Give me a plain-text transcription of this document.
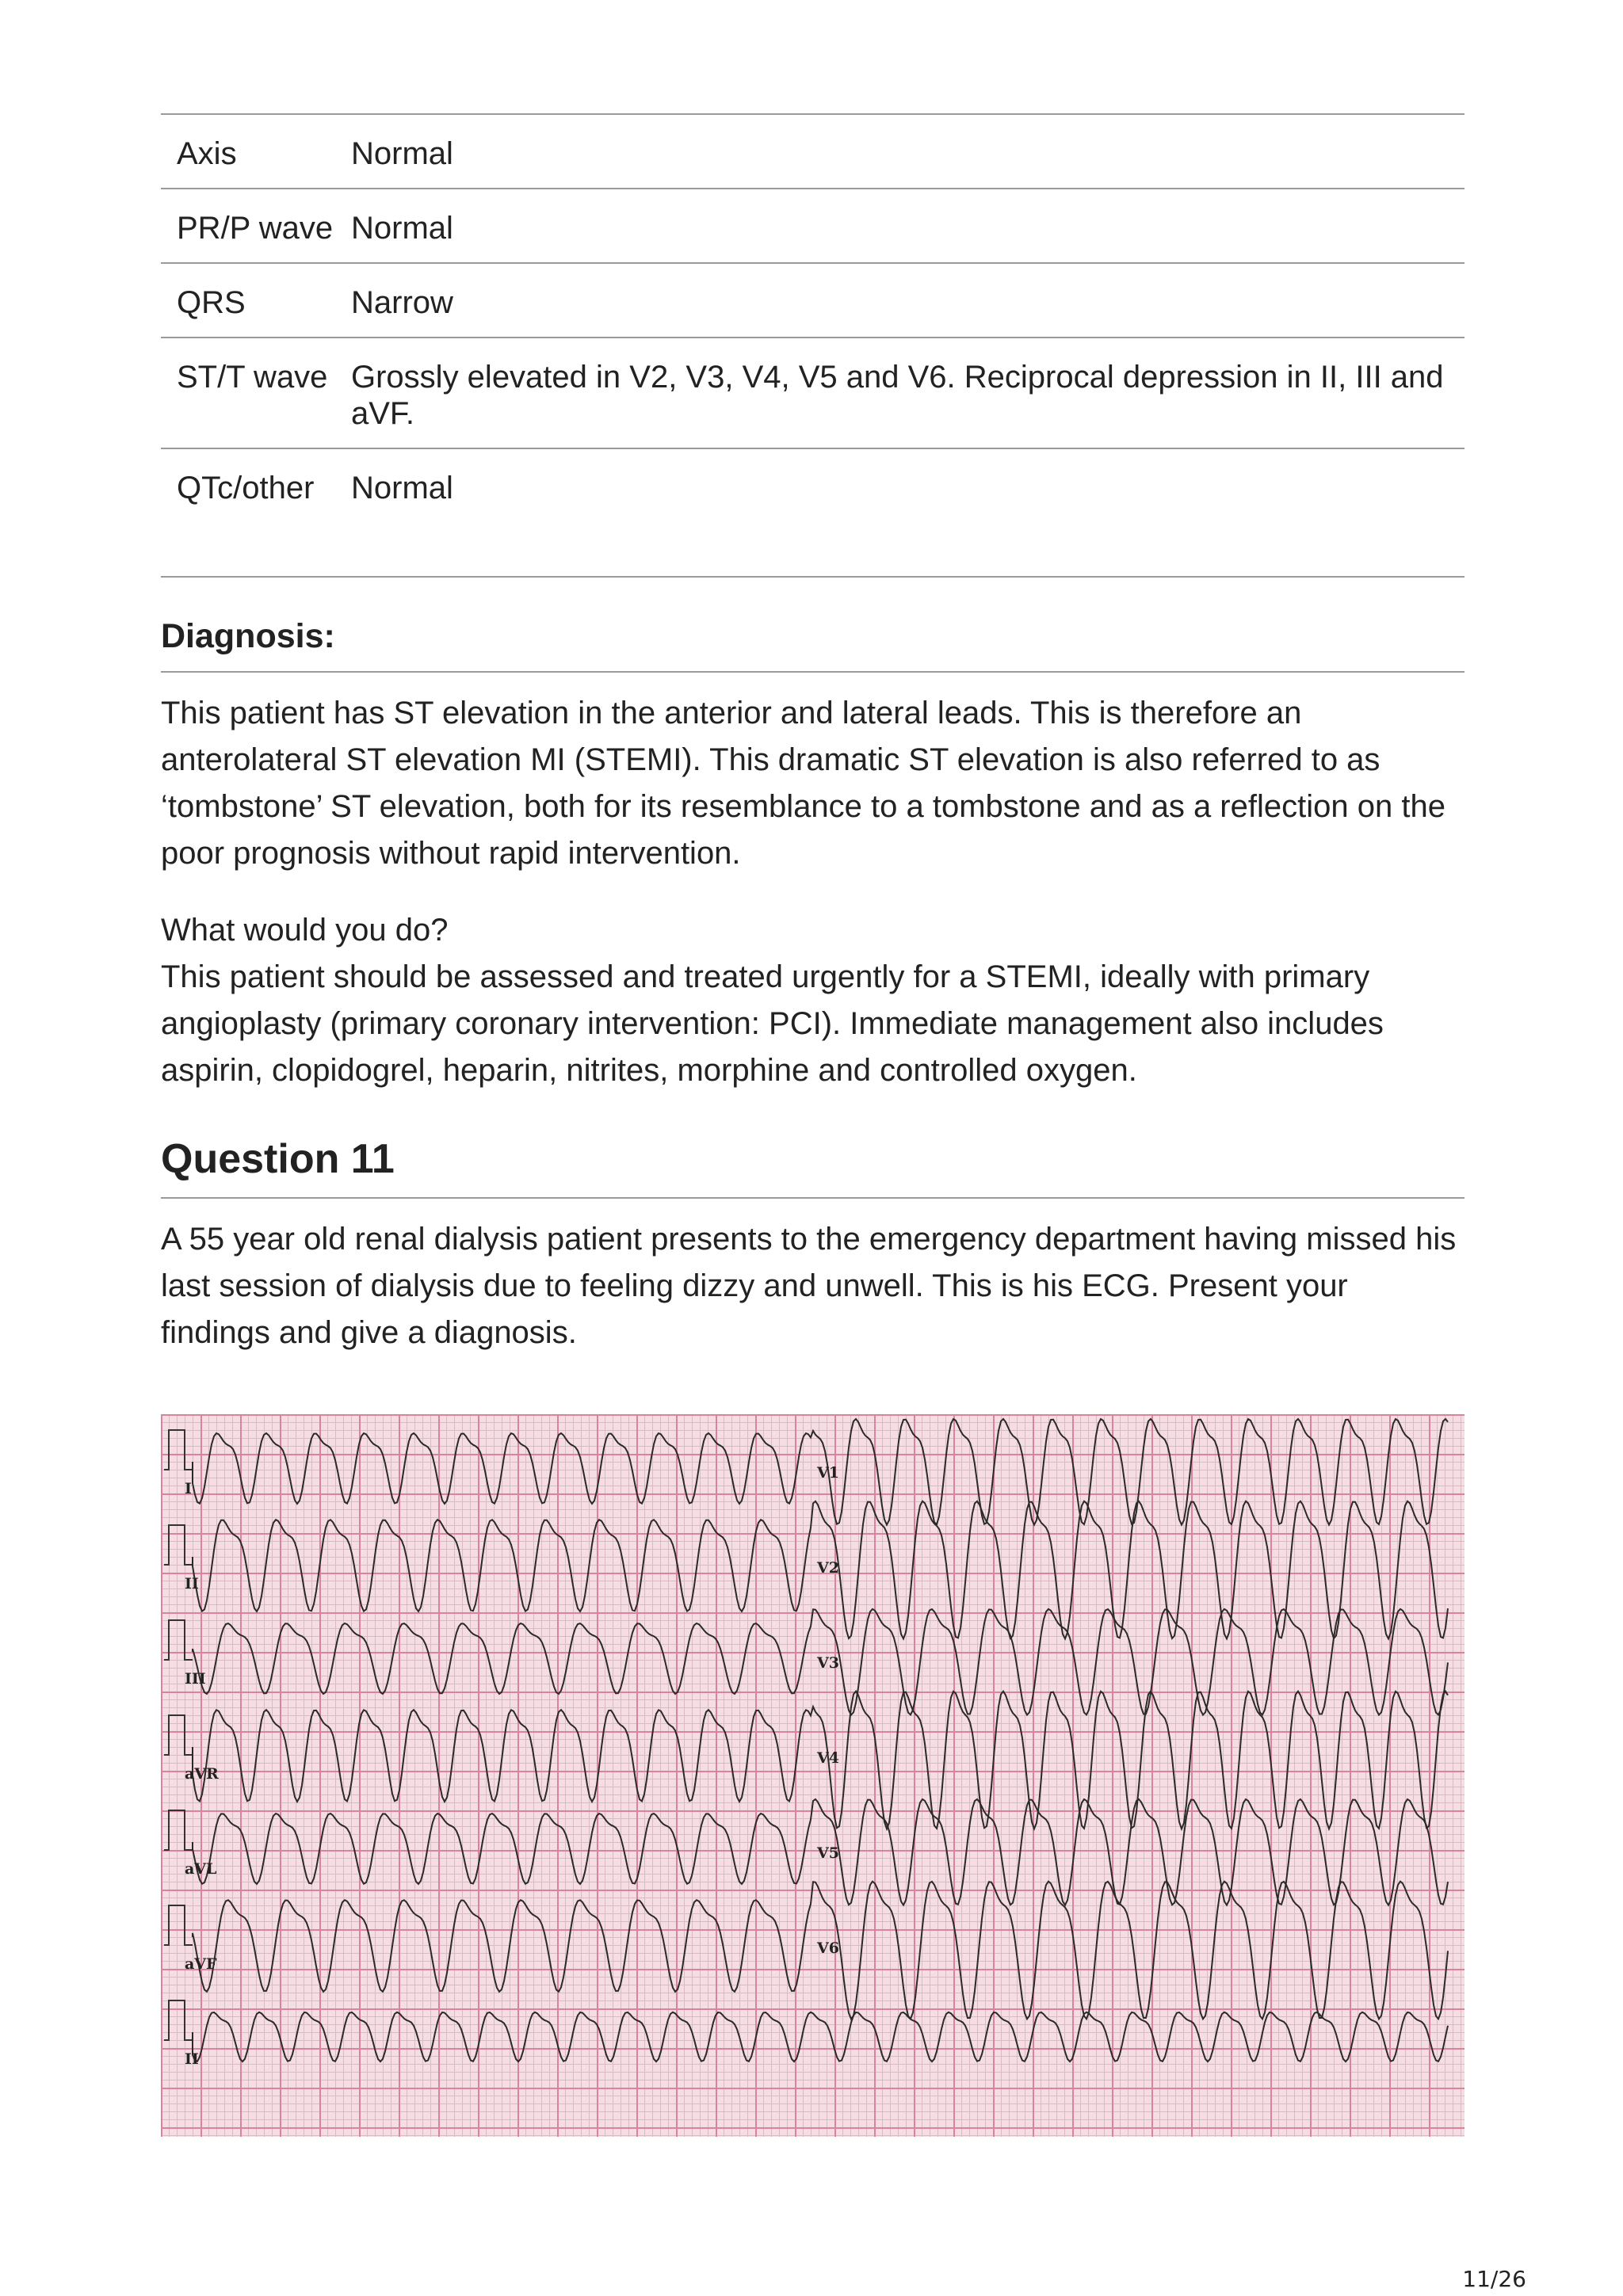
Axis	Normal
PR/P wave	Normal
QRS	Narrow
ST/T wave	Grossly elevated in V2, V3, V4, V5 and V6. Reciprocal depression in II, III and aVF.
QTc/other	Normal
Diagnosis:

This patient has ST elevation in the anterior and lateral leads. This is therefore an anterolateral ST elevation MI (STEMI). This dramatic ST elevation is also referred to as ‘tombstone’ ST elevation, both for its resemblance to a tombstone and as a reflection on the poor prognosis without rapid intervention.

What would you do?

This patient should be assessed and treated urgently for a STEMI, ideally with primary angioplasty (primary coronary intervention: PCI). Immediate management also includes aspirin, clopidogrel, heparin, nitrites, morphine and controlled oxygen.

Question 11

A 55 year old renal dialysis patient presents to the emergency department having missed his last session of dialysis due to feeling dizzy and unwell. This is his ECG. Present your findings and give a diagnosis.

I
V1
II
V2
III
V3
aVR
V4
aVL
V5
aVF
V6
II
11/26
